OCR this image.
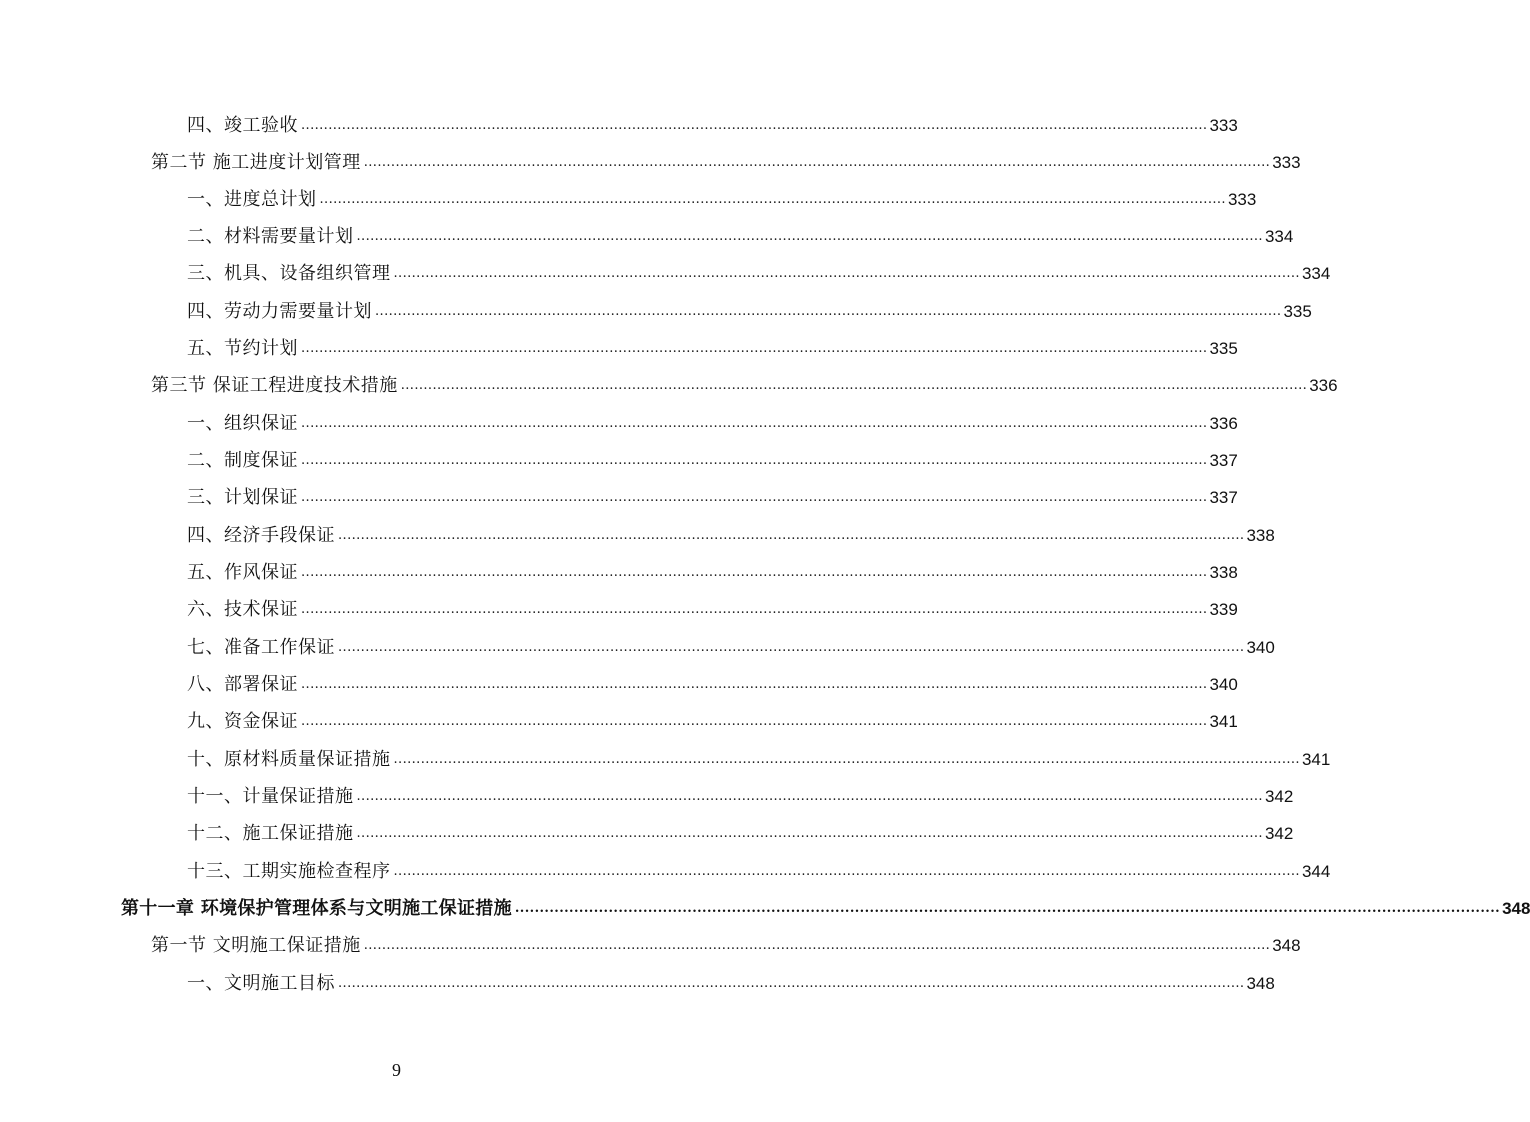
四、竣工验收 ........................................................................................................................................................................................................ 333
第二节 施工进度计划管理 ........................................................................................................................................................................................................ 333
一、进度总计划 ........................................................................................................................................................................................................ 333
二、材料需要量计划 ........................................................................................................................................................................................................ 334
三、机具、设备组织管理 ........................................................................................................................................................................................................ 334
四、劳动力需要量计划 ........................................................................................................................................................................................................ 335
五、节约计划 ........................................................................................................................................................................................................ 335
第三节 保证工程进度技术措施 ........................................................................................................................................................................................................ 336
一、组织保证 ........................................................................................................................................................................................................ 336
二、制度保证 ........................................................................................................................................................................................................ 337
三、计划保证 ........................................................................................................................................................................................................ 337
四、经济手段保证 ........................................................................................................................................................................................................ 338
五、作风保证 ........................................................................................................................................................................................................ 338
六、技术保证 ........................................................................................................................................................................................................ 339
七、准备工作保证 ........................................................................................................................................................................................................ 340
八、部署保证 ........................................................................................................................................................................................................ 340
九、资金保证 ........................................................................................................................................................................................................ 341
十、原材料质量保证措施 ........................................................................................................................................................................................................ 341
十一、计量保证措施 ........................................................................................................................................................................................................ 342
十二、施工保证措施 ........................................................................................................................................................................................................ 342
十三、工期实施检查程序 ........................................................................................................................................................................................................ 344
第十一章 环境保护管理体系与文明施工保证措施 ........................................................................................................................................................................................................ 348
第一节 文明施工保证措施 ........................................................................................................................................................................................................ 348
一、文明施工目标 ........................................................................................................................................................................................................ 348
9
